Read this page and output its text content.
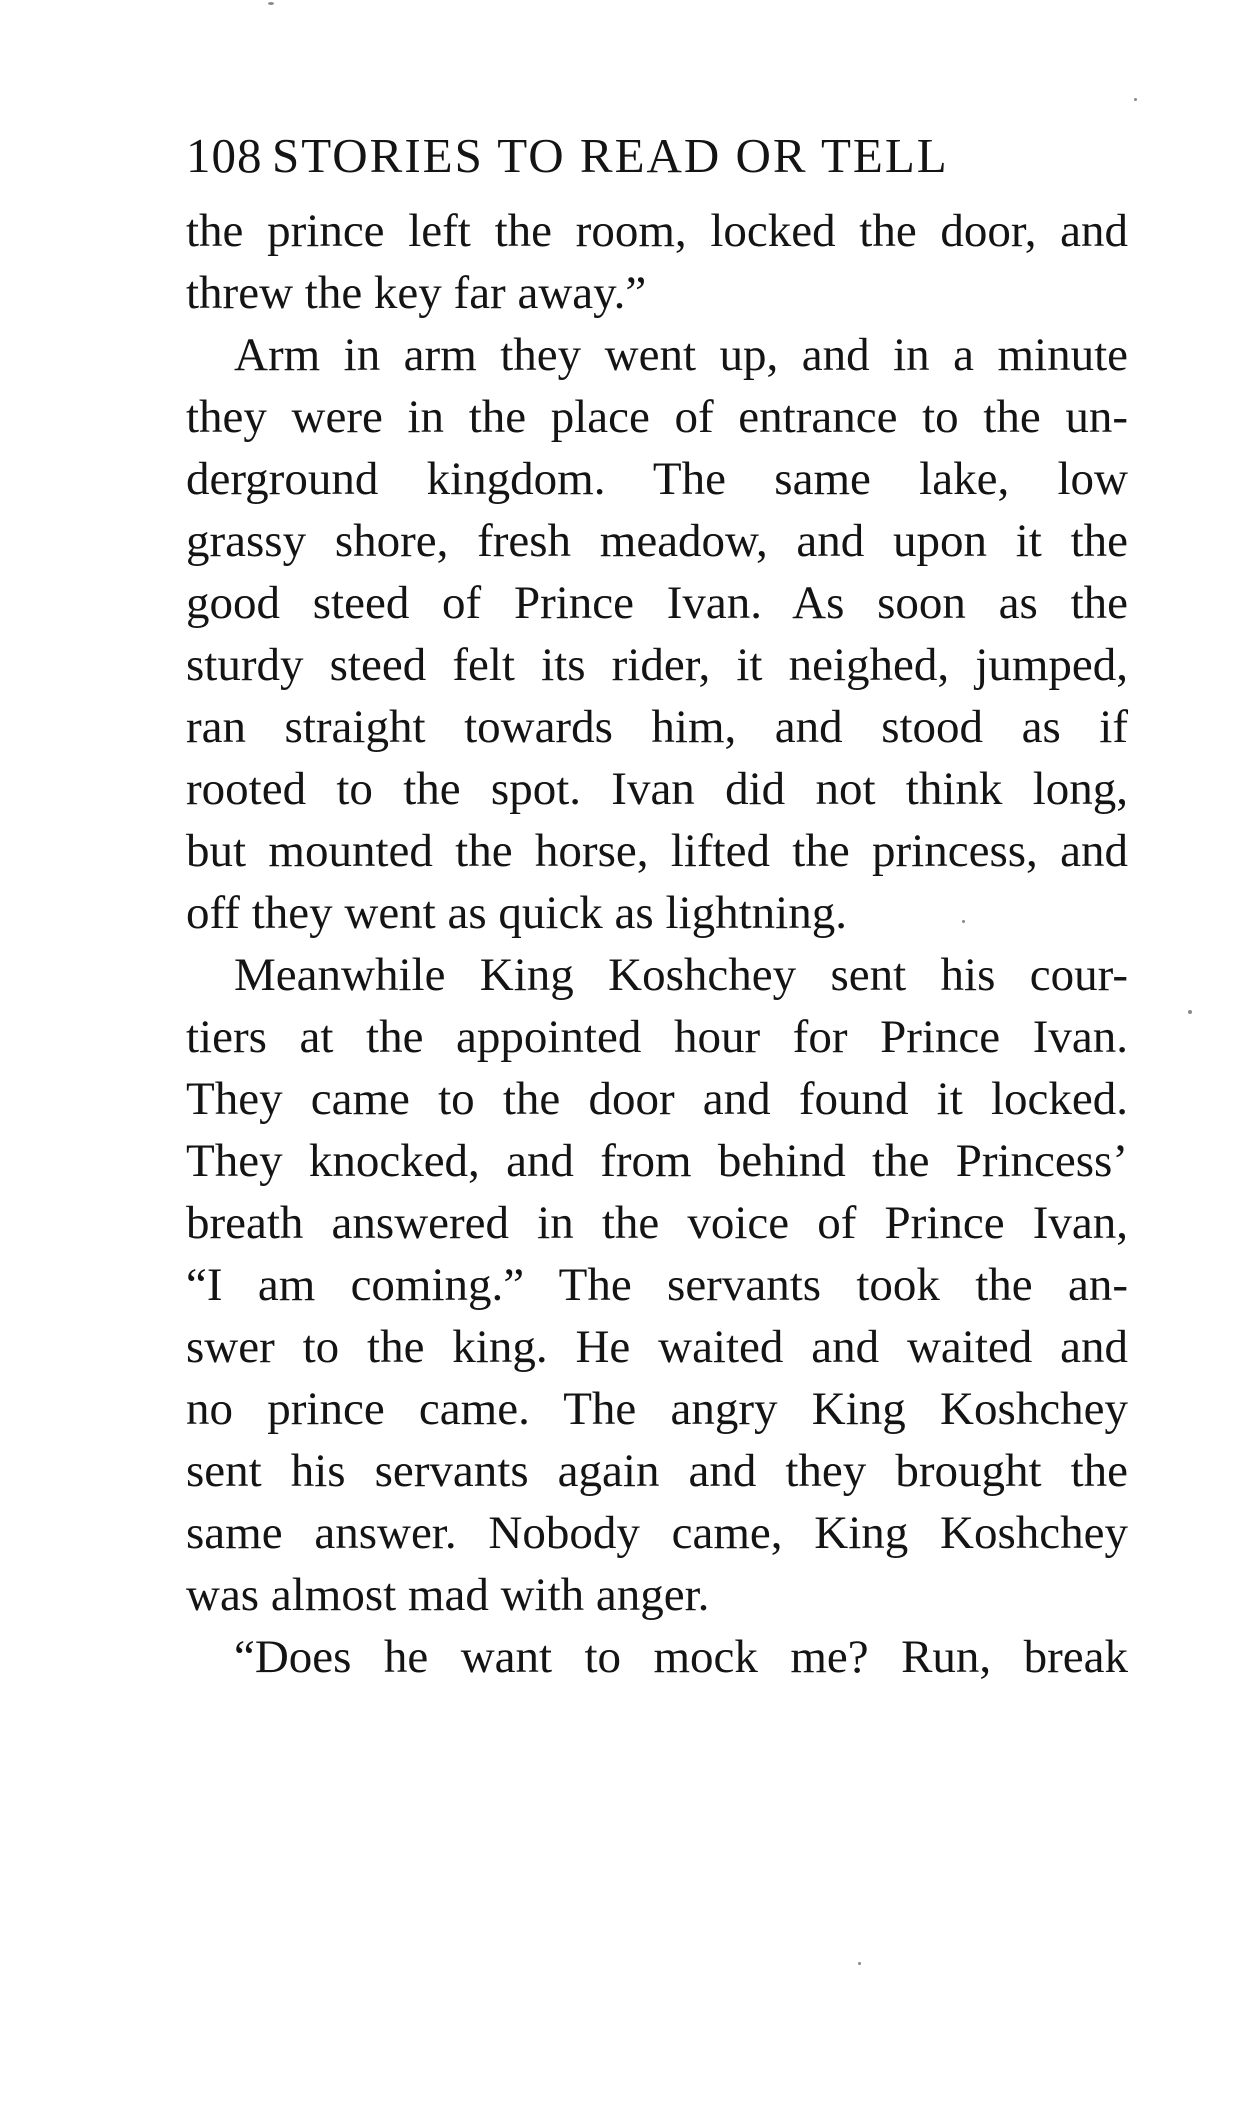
108 STORIES TO READ OR TELL
the prince left the room, locked the door, and
threw the key far away.”
Arm in arm they went up, and in a minute
they were in the place of entrance to the un-
derground kingdom. The same lake, low
grassy shore, fresh meadow, and upon it the
good steed of Prince Ivan. As soon as the
sturdy steed felt its rider, it neighed, jumped,
ran straight towards him, and stood as if
rooted to the spot. Ivan did not think long,
but mounted the horse, lifted the princess, and
off they went as quick as lightning.
Meanwhile King Koshchey sent his cour-
tiers at the appointed hour for Prince Ivan.
They came to the door and found it locked.
They knocked, and from behind the Princess’
breath answered in the voice of Prince Ivan,
“I am coming.” The servants took the an-
swer to the king. He waited and waited and
no prince came. The angry King Koshchey
sent his servants again and they brought the
same answer. Nobody came, King Koshchey
was almost mad with anger.
“Does he want to mock me? Run, break
